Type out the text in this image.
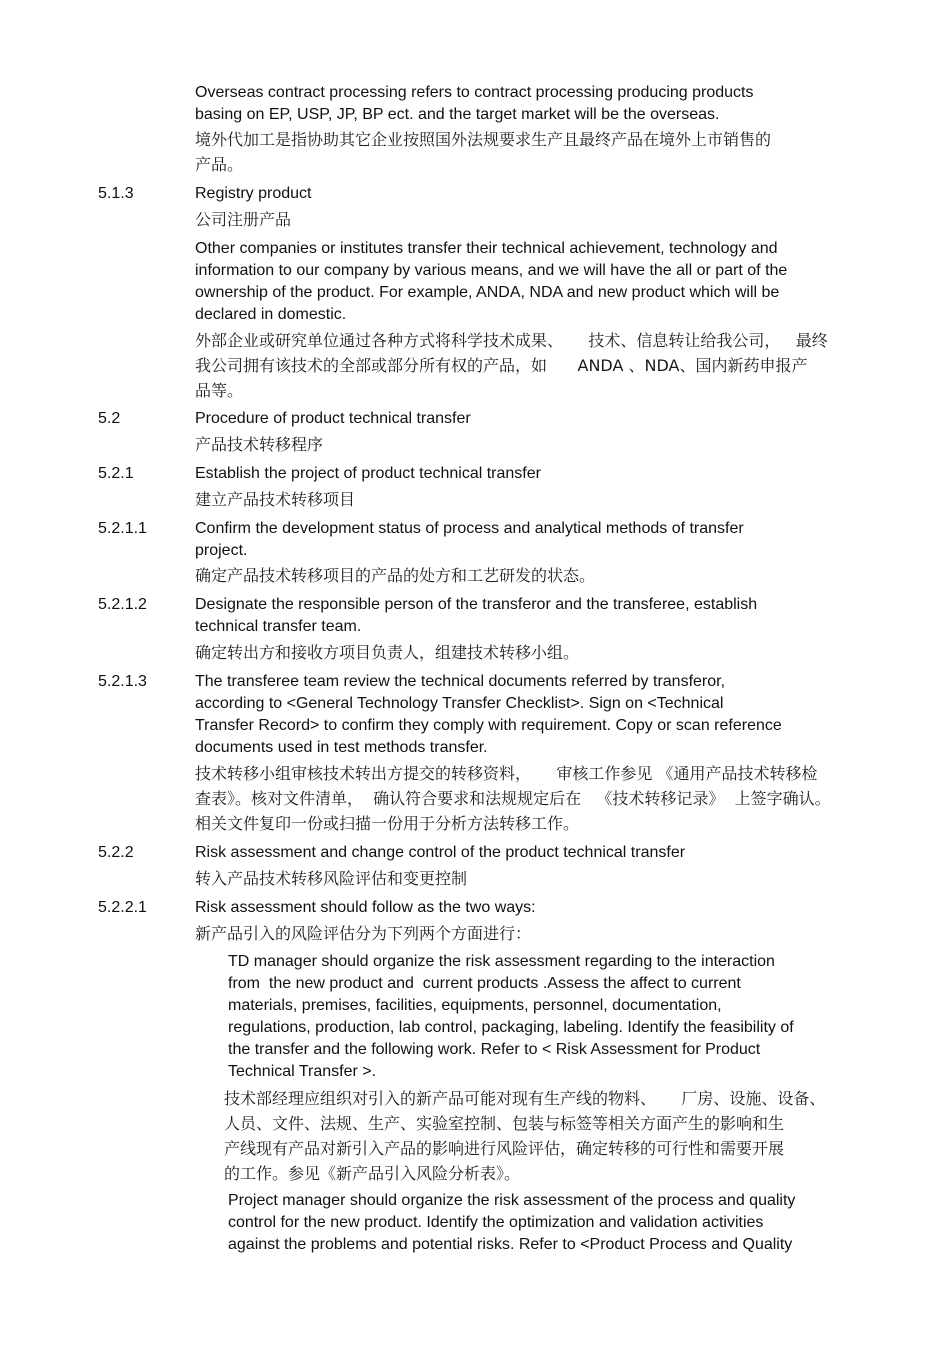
Overseas contract processing refers to contract processing producing products
basing on EP, USP, JP, BP ect. and the target market will be the overseas.
境外代加工是指协助其它企业按照国外法规要求生产且最终产品在境外上市销售的
产品。
5.1.3	Registry product
公司注册产品
Other companies or institutes transfer their technical achievement, technology and
information to our company by various means, and we will have the all or part of the
ownership of the product. For example, ANDA, NDA and new product which will be
declared in domestic.
外部企业或研究单位通过各种方式将科学技术成果、     技术、信息转让给我公司，   最终
我公司拥有该技术的全部或部分所有权的产品，如      ANDA 、NDA、国内新药申报产
品等。
5.2	Procedure of product technical transfer
产品技术转移程序
5.2.1	Establish the project of product technical transfer
建立产品技术转移项目
5.2.1.1	Confirm the development status of process and analytical methods of transfer
project.
确定产品技术转移项目的产品的处方和工艺研发的状态。
5.2.1.2	Designate the responsible person of the transferor and the transferee, establish
technical transfer team.
确定转出方和接收方项目负责人，组建技术转移小组。
5.2.1.3	The transferee team review the technical documents referred by transferor,
according to <General Technology Transfer Checklist>. Sign on <Technical
Transfer Record> to confirm they comply with requirement. Copy or scan reference
documents used in test methods transfer.
技术转移小组审核技术转出方提交的转移资料，     审核工作参见 《通用产品技术转移检
查表》。核对文件清单，  确认符合要求和法规规定后在   《技术转移记录》  上签字确认。
相关文件复印一份或扫描一份用于分析方法转移工作。
5.2.2	Risk assessment and change control of the product technical transfer
转入产品技术转移风险评估和变更控制
5.2.2.1	Risk assessment should follow as the two ways:
新产品引入的风险评估分为下列两个方面进行：
TD manager should organize the risk assessment regarding to the interaction
from  the new product and  current products .Assess the affect to current
materials, premises, facilities, equipments, personnel, documentation,
regulations, production, lab control, packaging, labeling. Identify the feasibility of
the transfer and the following work. Refer to < Risk Assessment for Product
Technical Transfer >.
技术部经理应组织对引入的新产品可能对现有生产线的物料、     厂房、设施、设备、
人员、文件、法规、生产、实验室控制、包装与标签等相关方面产生的影响和生
产线现有产品对新引入产品的影响进行风险评估，确定转移的可行性和需要开展
的工作。参见《新产品引入风险分析表》。
Project manager should organize the risk assessment of the process and quality
control for the new product. Identify the optimization and validation activities
against the problems and potential risks. Refer to <Product Process and Quality
